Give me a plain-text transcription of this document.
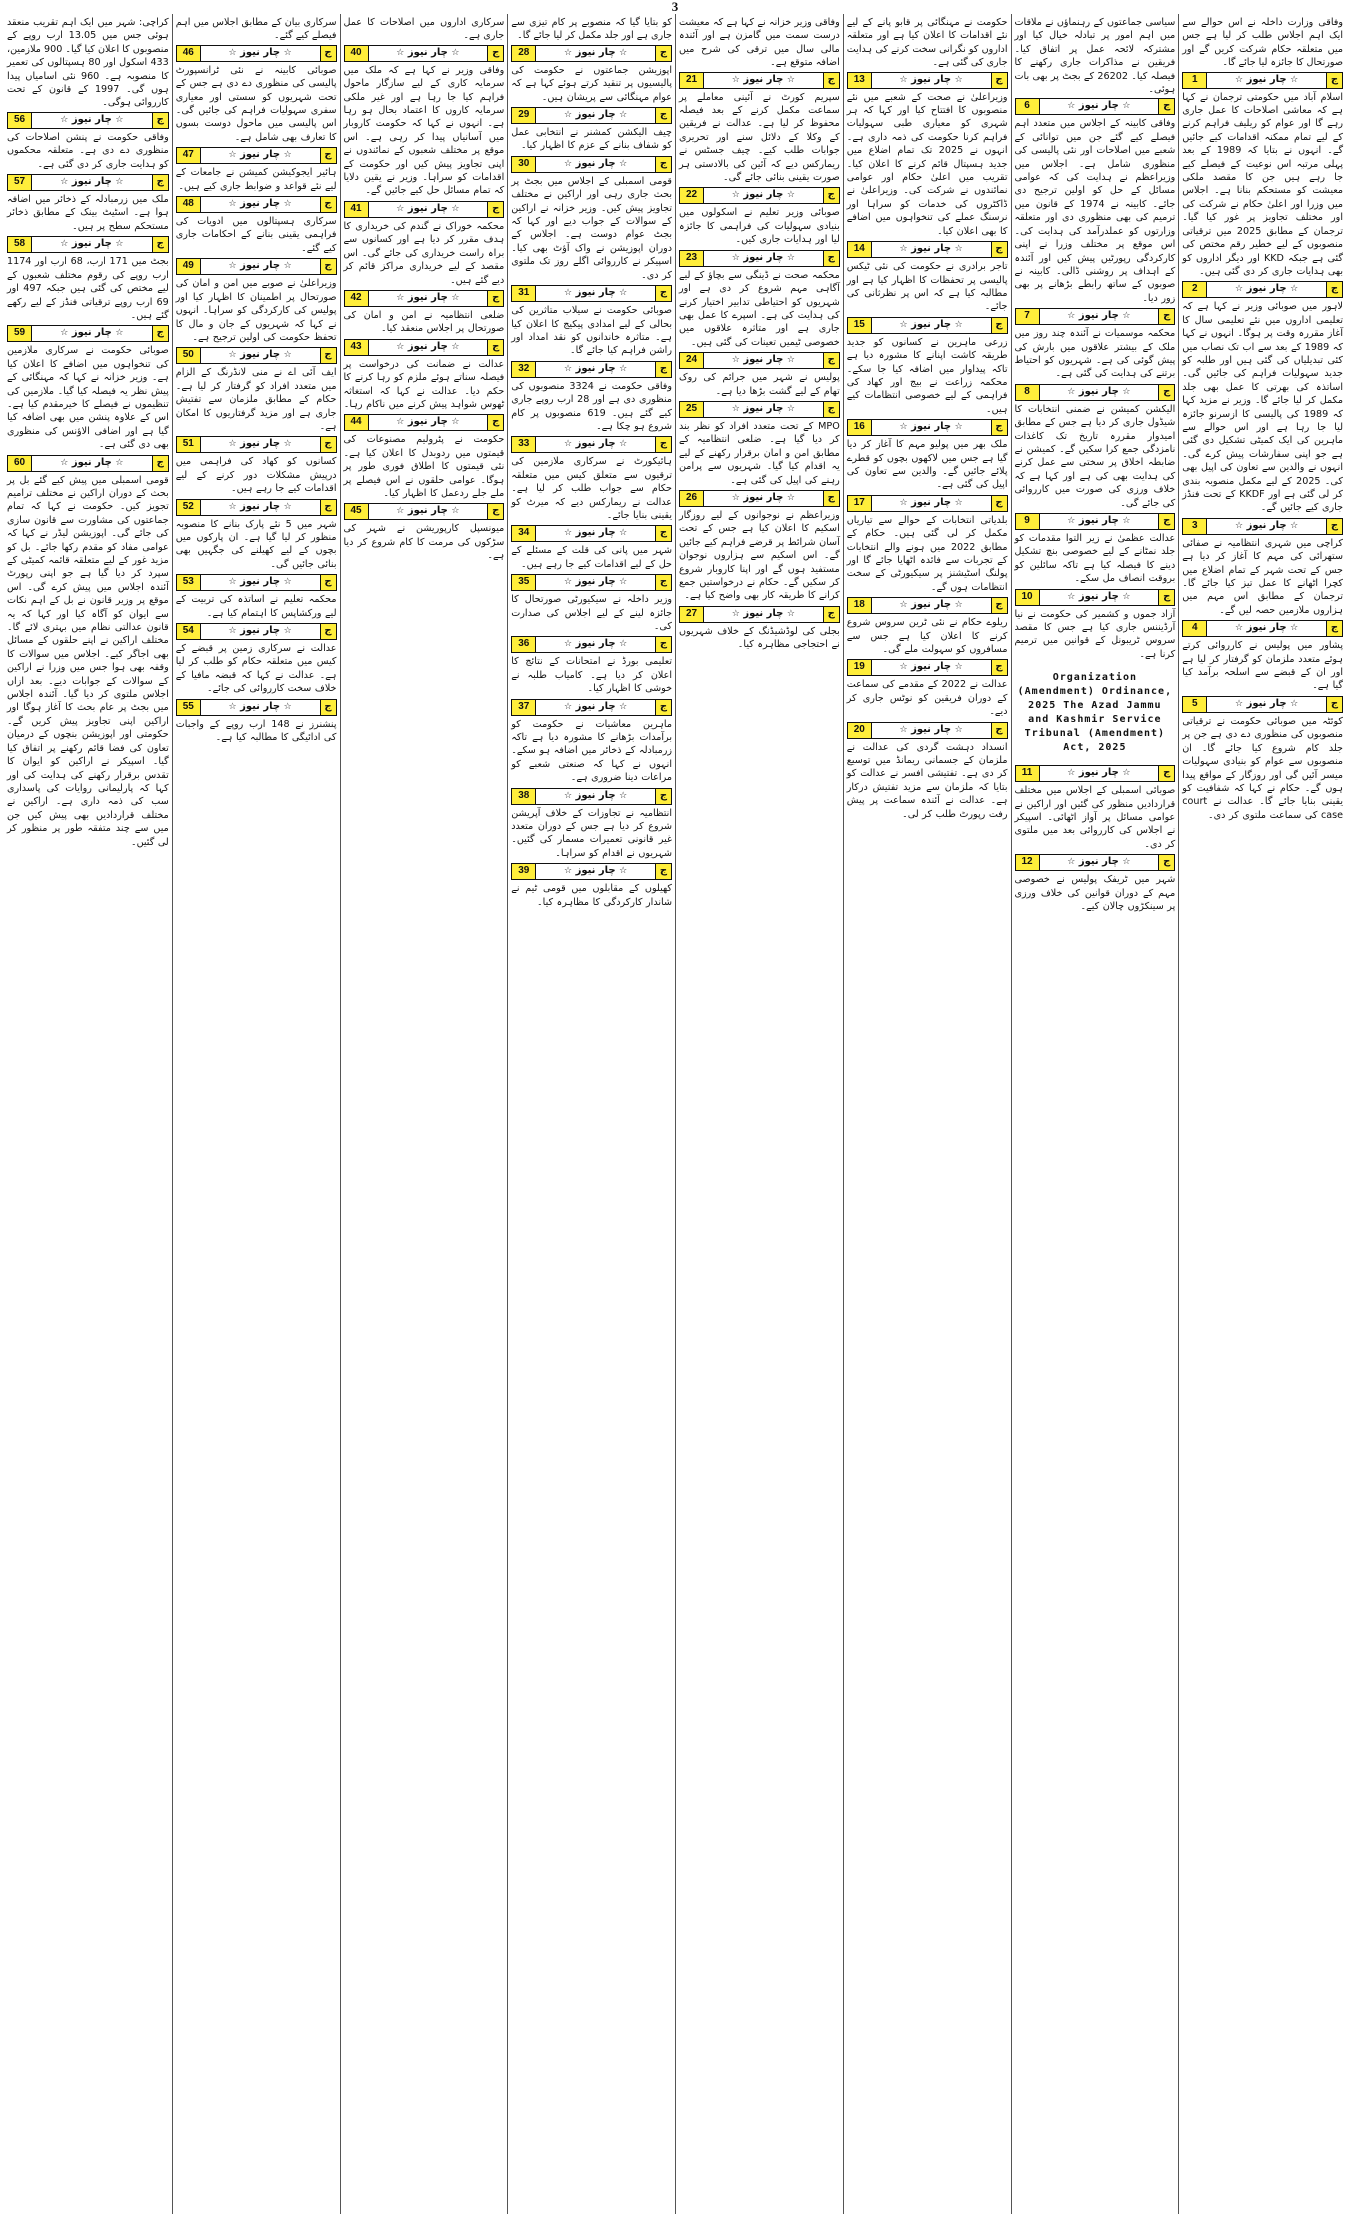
3

وفاقی وزارت داخلہ نے اس حوالے سے ایک اہم اجلاس طلب کر لیا ہے جس میں متعلقہ حکام شرکت کریں گے اور صورتحال کا جائزہ لیا جائے گا۔

1	☆ چار نیوز ☆	ج

اسلام آباد میں حکومتی ترجمان نے کہا ہے کہ معاشی اصلاحات کا عمل جاری رہے گا اور عوام کو ریلیف فراہم کرنے کے لیے تمام ممکنہ اقدامات کیے جائیں گے۔ انہوں نے بتایا کہ 1989 کے بعد پہلی مرتبہ اس نوعیت کے فیصلے کیے جا رہے ہیں جن کا مقصد ملکی معیشت کو مستحکم بنانا ہے۔ اجلاس میں وزرا اور اعلیٰ حکام نے شرکت کی اور مختلف تجاویز پر غور کیا گیا۔ ترجمان کے مطابق 2025 میں ترقیاتی منصوبوں کے لیے خطیر رقم مختص کی گئی ہے جبکہ KKD اور دیگر اداروں کو بھی ہدایات جاری کر دی گئی ہیں۔

2	☆ چار نیوز ☆	ج

لاہور میں صوبائی وزیر نے کہا ہے کہ تعلیمی اداروں میں نئے تعلیمی سال کا آغاز مقررہ وقت پر ہوگا۔ انہوں نے کہا کہ 1989 کے بعد سے اب تک نصاب میں کئی تبدیلیاں کی گئی ہیں اور طلبہ کو جدید سہولیات فراہم کی جائیں گی۔ اساتذہ کی بھرتی کا عمل بھی جلد مکمل کر لیا جائے گا۔ وزیر نے مزید کہا کہ 1989 کی پالیسی کا ازسرنو جائزہ لیا جا رہا ہے اور اس حوالے سے ماہرین کی ایک کمیٹی تشکیل دی گئی ہے جو اپنی سفارشات پیش کرے گی۔ انہوں نے والدین سے تعاون کی اپیل بھی کی۔ 2025 کے لیے مکمل منصوبہ بندی کر لی گئی ہے اور KKDF کے تحت فنڈز جاری کیے جائیں گے۔

3	☆ چار نیوز ☆	ج

کراچی میں شہری انتظامیہ نے صفائی ستھرائی کی مہم کا آغاز کر دیا ہے جس کے تحت شہر کے تمام اضلاع میں کچرا اٹھانے کا عمل تیز کیا جائے گا۔ ترجمان کے مطابق اس مہم میں ہزاروں ملازمین حصہ لیں گے۔

4	☆ چار نیوز ☆	ج

پشاور میں پولیس نے کارروائی کرتے ہوئے متعدد ملزمان کو گرفتار کر لیا ہے اور ان کے قبضے سے اسلحہ برآمد کیا گیا ہے۔

5	☆ چار نیوز ☆	ج

کوئٹہ میں صوبائی حکومت نے ترقیاتی منصوبوں کی منظوری دے دی ہے جن پر جلد کام شروع کیا جائے گا۔ ان منصوبوں سے عوام کو بنیادی سہولیات میسر آئیں گی اور روزگار کے مواقع پیدا ہوں گے۔ حکام نے کہا کہ شفافیت کو یقینی بنایا جائے گا۔ عدالت نے court case کی سماعت ملتوی کر دی۔

سیاسی جماعتوں کے رہنماؤں نے ملاقات میں اہم امور پر تبادلہ خیال کیا اور مشترکہ لائحہ عمل پر اتفاق کیا۔ فریقین نے مذاکرات جاری رکھنے کا فیصلہ کیا۔ 26202 کے بجٹ پر بھی بات ہوئی۔

6	☆ چار نیوز ☆	ج

وفاقی کابینہ کے اجلاس میں متعدد اہم فیصلے کیے گئے جن میں توانائی کے شعبے میں اصلاحات اور نئی پالیسی کی منظوری شامل ہے۔ اجلاس میں وزیراعظم نے ہدایت کی کہ عوامی مسائل کے حل کو اولین ترجیح دی جائے۔ کابینہ نے 1974 کے قانون میں ترمیم کی بھی منظوری دی اور متعلقہ وزارتوں کو عملدرآمد کی ہدایت کی۔ اس موقع پر مختلف وزرا نے اپنی کارکردگی رپورٹیں پیش کیں اور آئندہ کے اہداف پر روشنی ڈالی۔ کابینہ نے صوبوں کے ساتھ رابطے بڑھانے پر بھی زور دیا۔

7	☆ چار نیوز ☆	ج

محکمہ موسمیات نے آئندہ چند روز میں ملک کے بیشتر علاقوں میں بارش کی پیش گوئی کی ہے۔ شہریوں کو احتیاط برتنے کی ہدایت کی گئی ہے۔

8	☆ چار نیوز ☆	ج

الیکشن کمیشن نے ضمنی انتخابات کا شیڈول جاری کر دیا ہے جس کے مطابق امیدوار مقررہ تاریخ تک کاغذات نامزدگی جمع کرا سکیں گے۔ کمیشن نے ضابطہ اخلاق پر سختی سے عمل کرنے کی ہدایت بھی کی ہے اور کہا ہے کہ خلاف ورزی کی صورت میں کارروائی کی جائے گی۔

9	☆ چار نیوز ☆	ج

عدالت عظمیٰ نے زیر التوا مقدمات کو جلد نمٹانے کے لیے خصوصی بنچ تشکیل دینے کا فیصلہ کیا ہے تاکہ سائلین کو بروقت انصاف مل سکے۔

10	☆ چار نیوز ☆	ج

آزاد جموں و کشمیر کی حکومت نے نیا آرڈیننس جاری کیا ہے جس کا مقصد سروس ٹریبونل کے قوانین میں ترمیم کرنا ہے۔

Organization (Amendment) Ordinance, 2025 The Azad Jammu and Kashmir Service Tribunal (Amendment) Act, 2025

11	☆ چار نیوز ☆	ج

صوبائی اسمبلی کے اجلاس میں مختلف قراردادیں منظور کی گئیں اور اراکین نے عوامی مسائل پر آواز اٹھائی۔ اسپیکر نے اجلاس کی کارروائی بعد میں ملتوی کر دی۔

12	☆ چار نیوز ☆	ج

شہر میں ٹریفک پولیس نے خصوصی مہم کے دوران قوانین کی خلاف ورزی پر سینکڑوں چالان کیے۔

حکومت نے مہنگائی پر قابو پانے کے لیے نئے اقدامات کا اعلان کیا ہے اور متعلقہ اداروں کو نگرانی سخت کرنے کی ہدایت جاری کی گئی ہے۔

13	☆ چار نیوز ☆	ج

وزیراعلیٰ نے صحت کے شعبے میں نئے منصوبوں کا افتتاح کیا اور کہا کہ ہر شہری کو معیاری طبی سہولیات فراہم کرنا حکومت کی ذمہ داری ہے۔ انہوں نے 2025 تک تمام اضلاع میں جدید ہسپتال قائم کرنے کا اعلان کیا۔ تقریب میں اعلیٰ حکام اور عوامی نمائندوں نے شرکت کی۔ وزیراعلیٰ نے ڈاکٹروں کی خدمات کو سراہا اور نرسنگ عملے کی تنخواہوں میں اضافے کا بھی اعلان کیا۔

14	☆ چار نیوز ☆	ج

تاجر برادری نے حکومت کی نئی ٹیکس پالیسی پر تحفظات کا اظہار کیا ہے اور مطالبہ کیا ہے کہ اس پر نظرثانی کی جائے۔

15	☆ چار نیوز ☆	ج

زرعی ماہرین نے کسانوں کو جدید طریقہ کاشت اپنانے کا مشورہ دیا ہے تاکہ پیداوار میں اضافہ کیا جا سکے۔ محکمہ زراعت نے بیج اور کھاد کی فراہمی کے لیے خصوصی انتظامات کیے ہیں۔

16	☆ چار نیوز ☆	ج

ملک بھر میں پولیو مہم کا آغاز کر دیا گیا ہے جس میں لاکھوں بچوں کو قطرے پلائے جائیں گے۔ والدین سے تعاون کی اپیل کی گئی ہے۔

17	☆ چار نیوز ☆	ج

بلدیاتی انتخابات کے حوالے سے تیاریاں مکمل کر لی گئی ہیں۔ حکام کے مطابق 2022 میں ہونے والے انتخابات کے تجربات سے فائدہ اٹھایا جائے گا اور پولنگ اسٹیشنز پر سیکیورٹی کے سخت انتظامات ہوں گے۔

18	☆ چار نیوز ☆	ج

ریلوے حکام نے نئی ٹرین سروس شروع کرنے کا اعلان کیا ہے جس سے مسافروں کو سہولت ملے گی۔

19	☆ چار نیوز ☆	ج

عدالت نے 2022 کے مقدمے کی سماعت کے دوران فریقین کو نوٹس جاری کر دیے۔

20	☆ چار نیوز ☆	ج

انسداد دہشت گردی کی عدالت نے ملزمان کے جسمانی ریمانڈ میں توسیع کر دی ہے۔ تفتیشی افسر نے عدالت کو بتایا کہ ملزمان سے مزید تفتیش درکار ہے۔ عدالت نے آئندہ سماعت پر پیش رفت رپورٹ طلب کر لی۔

وفاقی وزیر خزانہ نے کہا ہے کہ معیشت درست سمت میں گامزن ہے اور آئندہ مالی سال میں ترقی کی شرح میں اضافہ متوقع ہے۔

21	☆ چار نیوز ☆	ج

سپریم کورٹ نے آئینی معاملے پر سماعت مکمل کرنے کے بعد فیصلہ محفوظ کر لیا ہے۔ عدالت نے فریقین کے وکلا کے دلائل سنے اور تحریری جوابات طلب کیے۔ چیف جسٹس نے ریمارکس دیے کہ آئین کی بالادستی ہر صورت یقینی بنائی جائے گی۔

22	☆ چار نیوز ☆	ج

صوبائی وزیر تعلیم نے اسکولوں میں بنیادی سہولیات کی فراہمی کا جائزہ لیا اور ہدایات جاری کیں۔

23	☆ چار نیوز ☆	ج

محکمہ صحت نے ڈینگی سے بچاؤ کے لیے آگاہی مہم شروع کر دی ہے اور شہریوں کو احتیاطی تدابیر اختیار کرنے کی ہدایت کی ہے۔ اسپرے کا عمل بھی جاری ہے اور متاثرہ علاقوں میں خصوصی ٹیمیں تعینات کی گئی ہیں۔

24	☆ چار نیوز ☆	ج

پولیس نے شہر میں جرائم کی روک تھام کے لیے گشت بڑھا دیا ہے۔

25	☆ چار نیوز ☆	ج

MPO کے تحت متعدد افراد کو نظر بند کر دیا گیا ہے۔ ضلعی انتظامیہ کے مطابق امن و امان برقرار رکھنے کے لیے یہ اقدام کیا گیا۔ شہریوں سے پرامن رہنے کی اپیل کی گئی ہے۔

26	☆ چار نیوز ☆	ج

وزیراعظم نے نوجوانوں کے لیے روزگار اسکیم کا اعلان کیا ہے جس کے تحت آسان شرائط پر قرضے فراہم کیے جائیں گے۔ اس اسکیم سے ہزاروں نوجوان مستفید ہوں گے اور اپنا کاروبار شروع کر سکیں گے۔ حکام نے درخواستیں جمع کرانے کا طریقہ کار بھی واضح کیا ہے۔

27	☆ چار نیوز ☆	ج

بجلی کی لوڈشیڈنگ کے خلاف شہریوں نے احتجاجی مظاہرہ کیا۔

کو بتایا گیا کہ منصوبے پر کام تیزی سے جاری ہے اور جلد مکمل کر لیا جائے گا۔

28	☆ چار نیوز ☆	ج

اپوزیشن جماعتوں نے حکومت کی پالیسیوں پر تنقید کرتے ہوئے کہا ہے کہ عوام مہنگائی سے پریشان ہیں۔

29	☆ چار نیوز ☆	ج

چیف الیکشن کمشنر نے انتخابی عمل کو شفاف بنانے کے عزم کا اظہار کیا۔

30	☆ چار نیوز ☆	ج

قومی اسمبلی کے اجلاس میں بجٹ پر بحث جاری رہی اور اراکین نے مختلف تجاویز پیش کیں۔ وزیر خزانہ نے اراکین کے سوالات کے جواب دیے اور کہا کہ بجٹ عوام دوست ہے۔ اجلاس کے دوران اپوزیشن نے واک آؤٹ بھی کیا۔ اسپیکر نے کارروائی اگلے روز تک ملتوی کر دی۔

31	☆ چار نیوز ☆	ج

صوبائی حکومت نے سیلاب متاثرین کی بحالی کے لیے امدادی پیکیج کا اعلان کیا ہے۔ متاثرہ خاندانوں کو نقد امداد اور راشن فراہم کیا جائے گا۔

32	☆ چار نیوز ☆	ج

وفاقی حکومت نے 3324 منصوبوں کی منظوری دی ہے اور 28 ارب روپے جاری کیے گئے ہیں۔ 619 منصوبوں پر کام شروع ہو چکا ہے۔

33	☆ چار نیوز ☆	ج

ہائیکورٹ نے سرکاری ملازمین کی ترقیوں سے متعلق کیس میں متعلقہ حکام سے جواب طلب کر لیا ہے۔ عدالت نے ریمارکس دیے کہ میرٹ کو یقینی بنایا جائے۔

34	☆ چار نیوز ☆	ج

شہر میں پانی کی قلت کے مسئلے کے حل کے لیے اقدامات کیے جا رہے ہیں۔

35	☆ چار نیوز ☆	ج

وزیر داخلہ نے سیکیورٹی صورتحال کا جائزہ لینے کے لیے اجلاس کی صدارت کی۔

36	☆ چار نیوز ☆	ج

تعلیمی بورڈ نے امتحانات کے نتائج کا اعلان کر دیا ہے۔ کامیاب طلبہ نے خوشی کا اظہار کیا۔

37	☆ چار نیوز ☆	ج

ماہرین معاشیات نے حکومت کو برآمدات بڑھانے کا مشورہ دیا ہے تاکہ زرمبادلہ کے ذخائر میں اضافہ ہو سکے۔ انہوں نے کہا کہ صنعتی شعبے کو مراعات دینا ضروری ہے۔

38	☆ چار نیوز ☆	ج

انتظامیہ نے تجاوزات کے خلاف آپریشن شروع کر دیا ہے جس کے دوران متعدد غیر قانونی تعمیرات مسمار کی گئیں۔ شہریوں نے اقدام کو سراہا۔

39	☆ چار نیوز ☆	ج

کھیلوں کے مقابلوں میں قومی ٹیم نے شاندار کارکردگی کا مظاہرہ کیا۔

سرکاری اداروں میں اصلاحات کا عمل جاری ہے۔

40	☆ چار نیوز ☆	ج

وفاقی وزیر نے کہا ہے کہ ملک میں سرمایہ کاری کے لیے سازگار ماحول فراہم کیا جا رہا ہے اور غیر ملکی سرمایہ کاروں کا اعتماد بحال ہو رہا ہے۔ انہوں نے کہا کہ حکومت کاروبار میں آسانیاں پیدا کر رہی ہے۔ اس موقع پر مختلف شعبوں کے نمائندوں نے اپنی تجاویز پیش کیں اور حکومت کے اقدامات کو سراہا۔ وزیر نے یقین دلایا کہ تمام مسائل حل کیے جائیں گے۔

41	☆ چار نیوز ☆	ج

محکمہ خوراک نے گندم کی خریداری کا ہدف مقرر کر دیا ہے اور کسانوں سے براہ راست خریداری کی جائے گی۔ اس مقصد کے لیے خریداری مراکز قائم کر دیے گئے ہیں۔

42	☆ چار نیوز ☆	ج

ضلعی انتظامیہ نے امن و امان کی صورتحال پر اجلاس منعقد کیا۔

43	☆ چار نیوز ☆	ج

عدالت نے ضمانت کی درخواست پر فیصلہ سناتے ہوئے ملزم کو رہا کرنے کا حکم دیا۔ عدالت نے کہا کہ استغاثہ ٹھوس شواہد پیش کرنے میں ناکام رہا۔

44	☆ چار نیوز ☆	ج

حکومت نے پٹرولیم مصنوعات کی قیمتوں میں ردوبدل کا اعلان کیا ہے۔ نئی قیمتوں کا اطلاق فوری طور پر ہوگا۔ عوامی حلقوں نے اس فیصلے پر ملے جلے ردعمل کا اظہار کیا۔

45	☆ چار نیوز ☆	ج

میونسپل کارپوریشن نے شہر کی سڑکوں کی مرمت کا کام شروع کر دیا ہے۔

سرکاری بیان کے مطابق اجلاس میں اہم فیصلے کیے گئے۔

46	☆ چار نیوز ☆	ج

صوبائی کابینہ نے نئی ٹرانسپورٹ پالیسی کی منظوری دے دی ہے جس کے تحت شہریوں کو سستی اور معیاری سفری سہولیات فراہم کی جائیں گی۔ اس پالیسی میں ماحول دوست بسوں کا تعارف بھی شامل ہے۔

47	☆ چار نیوز ☆	ج

ہائیر ایجوکیشن کمیشن نے جامعات کے لیے نئے قواعد و ضوابط جاری کیے ہیں۔

48	☆ چار نیوز ☆	ج

سرکاری ہسپتالوں میں ادویات کی فراہمی یقینی بنانے کے احکامات جاری کیے گئے۔

49	☆ چار نیوز ☆	ج

وزیراعلیٰ نے صوبے میں امن و امان کی صورتحال پر اطمینان کا اظہار کیا اور پولیس کی کارکردگی کو سراہا۔ انہوں نے کہا کہ شہریوں کے جان و مال کا تحفظ حکومت کی اولین ترجیح ہے۔

50	☆ چار نیوز ☆	ج

ایف آئی اے نے منی لانڈرنگ کے الزام میں متعدد افراد کو گرفتار کر لیا ہے۔ حکام کے مطابق ملزمان سے تفتیش جاری ہے اور مزید گرفتاریوں کا امکان ہے۔

51	☆ چار نیوز ☆	ج

کسانوں کو کھاد کی فراہمی میں درپیش مشکلات دور کرنے کے لیے اقدامات کیے جا رہے ہیں۔

52	☆ چار نیوز ☆	ج

شہر میں 5 نئے پارک بنانے کا منصوبہ منظور کر لیا گیا ہے۔ ان پارکوں میں بچوں کے لیے کھیلنے کی جگہیں بھی بنائی جائیں گی۔

53	☆ چار نیوز ☆	ج

محکمہ تعلیم نے اساتذہ کی تربیت کے لیے ورکشاپس کا اہتمام کیا ہے۔

54	☆ چار نیوز ☆	ج

عدالت نے سرکاری زمین پر قبضے کے کیس میں متعلقہ حکام کو طلب کر لیا ہے۔ عدالت نے کہا کہ قبضہ مافیا کے خلاف سخت کارروائی کی جائے۔

55	☆ چار نیوز ☆	ج

پنشنرز نے 148 ارب روپے کے واجبات کی ادائیگی کا مطالبہ کیا ہے۔

کراچی: شہر میں ایک اہم تقریب منعقد ہوئی جس میں 13.05 ارب روپے کے منصوبوں کا اعلان کیا گیا۔ 900 ملازمین، 433 اسکول اور 80 ہسپتالوں کی تعمیر کا منصوبہ ہے۔ 960 نئی اسامیاں پیدا ہوں گی۔ 1997 کے قانون کے تحت کارروائی ہوگی۔

56	☆ چار نیوز ☆	ج

وفاقی حکومت نے پنشن اصلاحات کی منظوری دے دی ہے۔ متعلقہ محکموں کو ہدایت جاری کر دی گئی ہے۔

57	☆ چار نیوز ☆	ج

ملک میں زرمبادلہ کے ذخائر میں اضافہ ہوا ہے۔ اسٹیٹ بینک کے مطابق ذخائر مستحکم سطح پر ہیں۔

58	☆ چار نیوز ☆	ج

بجٹ میں 171 ارب، 68 ارب اور 1174 ارب روپے کی رقوم مختلف شعبوں کے لیے مختص کی گئی ہیں جبکہ 497 اور 69 ارب روپے ترقیاتی فنڈز کے لیے رکھے گئے ہیں۔

59	☆ چار نیوز ☆	ج

صوبائی حکومت نے سرکاری ملازمین کی تنخواہوں میں اضافے کا اعلان کیا ہے۔ وزیر خزانہ نے کہا کہ مہنگائی کے پیش نظر یہ فیصلہ کیا گیا۔ ملازمین کی تنظیموں نے فیصلے کا خیرمقدم کیا ہے۔ اس کے علاوہ پنشن میں بھی اضافہ کیا گیا ہے اور اضافی الاؤنس کی منظوری بھی دی گئی ہے۔

60	☆ چار نیوز ☆	ج

قومی اسمبلی میں پیش کیے گئے بل پر بحث کے دوران اراکین نے مختلف ترامیم تجویز کیں۔ حکومت نے کہا کہ تمام جماعتوں کی مشاورت سے قانون سازی کی جائے گی۔ اپوزیشن لیڈر نے کہا کہ عوامی مفاد کو مقدم رکھا جائے۔ بل کو مزید غور کے لیے متعلقہ قائمہ کمیٹی کے سپرد کر دیا گیا ہے جو اپنی رپورٹ آئندہ اجلاس میں پیش کرے گی۔ اس موقع پر وزیر قانون نے بل کے اہم نکات سے ایوان کو آگاہ کیا اور کہا کہ یہ قانون عدالتی نظام میں بہتری لائے گا۔ مختلف اراکین نے اپنے حلقوں کے مسائل بھی اجاگر کیے۔ اجلاس میں سوالات کا وقفہ بھی ہوا جس میں وزرا نے اراکین کے سوالات کے جوابات دیے۔ بعد ازاں اجلاس ملتوی کر دیا گیا۔ آئندہ اجلاس میں بجٹ پر عام بحث کا آغاز ہوگا اور اراکین اپنی تجاویز پیش کریں گے۔ حکومتی اور اپوزیشن بنچوں کے درمیان تعاون کی فضا قائم رکھنے پر اتفاق کیا گیا۔ اسپیکر نے اراکین کو ایوان کا تقدس برقرار رکھنے کی ہدایت کی اور کہا کہ پارلیمانی روایات کی پاسداری سب کی ذمہ داری ہے۔ اراکین نے مختلف قراردادیں بھی پیش کیں جن میں سے چند متفقہ طور پر منظور کر لی گئیں۔
